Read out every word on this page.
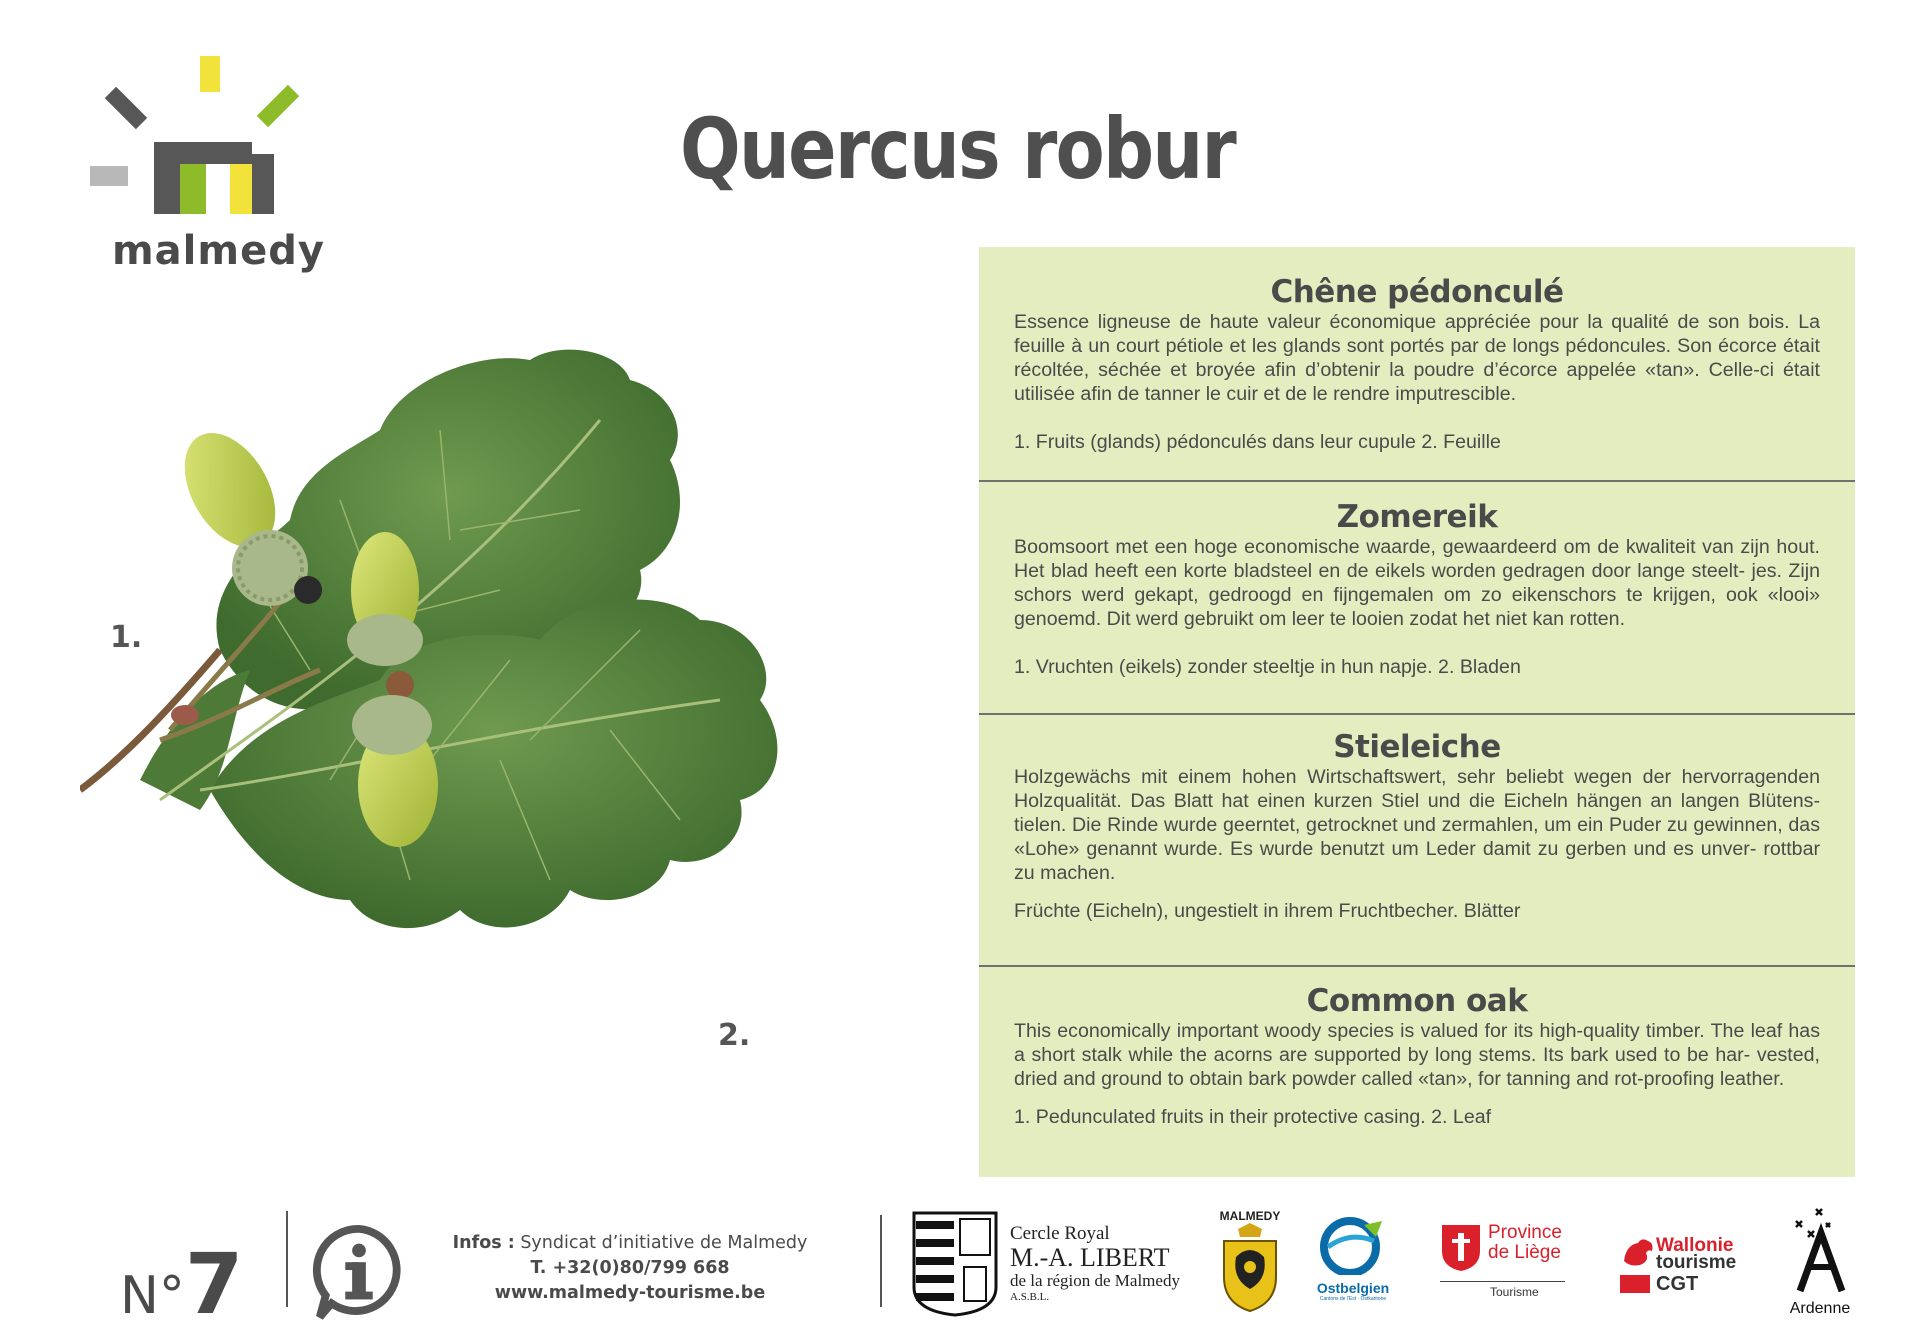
malmedy
Quercus robur
1.
2.
Chêne pédonculé

Essence ligneuse de haute valeur économique appréciée pour la qualité de son bois. La feuille à un court pétiole et les glands sont portés par de longs pédoncules. Son écorce était récoltée, séchée et broyée afin d’obtenir la poudre d’écorce appelée «tan». Celle-ci était utilisée afin de tanner le cuir et de le rendre imputrescible.

1. Fruits (glands) pédonculés dans leur cupule 2. Feuille

Zomereik

Boomsoort met een hoge economische waarde, gewaardeerd om de kwaliteit van zijn hout. Het blad heeft een korte bladsteel en de eikels worden gedragen door lange steelt- jes. Zijn schors werd gekapt, gedroogd en fijngemalen om zo eikenschors te krijgen, ook «looi» genoemd. Dit werd gebruikt om leer te looien zodat het niet kan rotten.

1. Vruchten (eikels) zonder steeltje in hun napje. 2. Bladen

Stieleiche

Holzgewächs mit einem hohen Wirtschaftswert, sehr beliebt wegen der hervorragenden Holzqualität. Das Blatt hat einen kurzen Stiel und die Eicheln hängen an langen Blütens- tielen. Die Rinde wurde geerntet, getrocknet und zermahlen, um ein Puder zu gewinnen, das «Lohe» genannt wurde. Es wurde benutzt um Leder damit zu gerben und es unver- rottbar zu machen.

Früchte (Eicheln), ungestielt in ihrem Fruchtbecher. Blätter

Common oak

This economically important woody species is valued for its high-quality timber. The leaf has a short stalk while the acorns are supported by long stems. Its bark used to be har- vested, dried and ground to obtain bark powder called «tan», for tanning and rot-proofing leather.

1. Pedunculated fruits in their protective casing. 2. Leaf

N°7	Infos : Syndicat d’initiative de Malmedy
T. +32(0)80/799 668
www.malmedy-tourisme.be
Cercle Royal
M.-A. LIBERT
de la région de Malmedy
A.S.B.L.
MALMEDY
Ostbelgien
Cantons de l'Est · Ostkantone
Province
de Liège
Tourisme
Wallonie
tourisme
CGT
Ardenne
